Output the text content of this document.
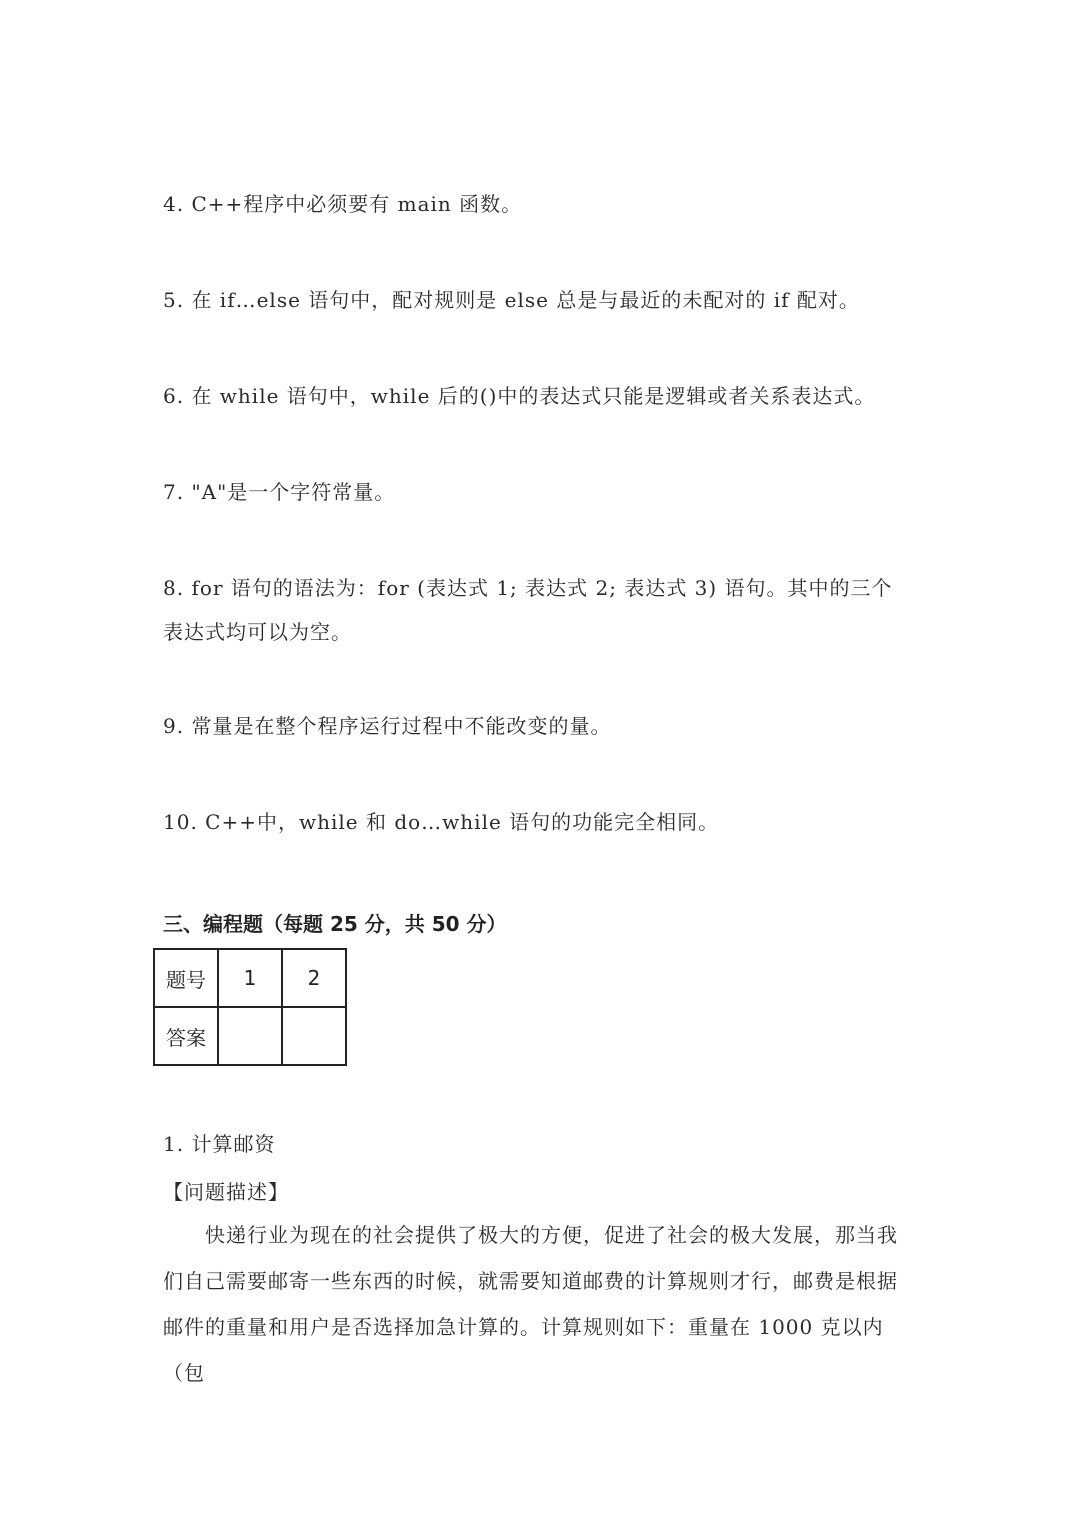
4. C++程序中必须要有 main 函数。
5. 在 if…else 语句中，配对规则是 else 总是与最近的未配对的 if 配对。
6. 在 while 语句中，while 后的()中的表达式只能是逻辑或者关系表达式。
7. "A"是一个字符常量。
8. for 语句的语法为：for (表达式 1; 表达式 2; 表达式 3) 语句。其中的三个
表达式均可以为空。
9. 常量是在整个程序运行过程中不能改变的量。
10. C++中，while 和 do…while 语句的功能完全相同。
三、编程题（每题 25 分，共 50 分）
题号	1	2
答案		
1. 计算邮资
【问题描述】
快递行业为现在的社会提供了极大的方便，促进了社会的极大发展，那当我
们自己需要邮寄一些东西的时候，就需要知道邮费的计算规则才行，邮费是根据
邮件的重量和用户是否选择加急计算的。计算规则如下：重量在 1000 克以内（包
